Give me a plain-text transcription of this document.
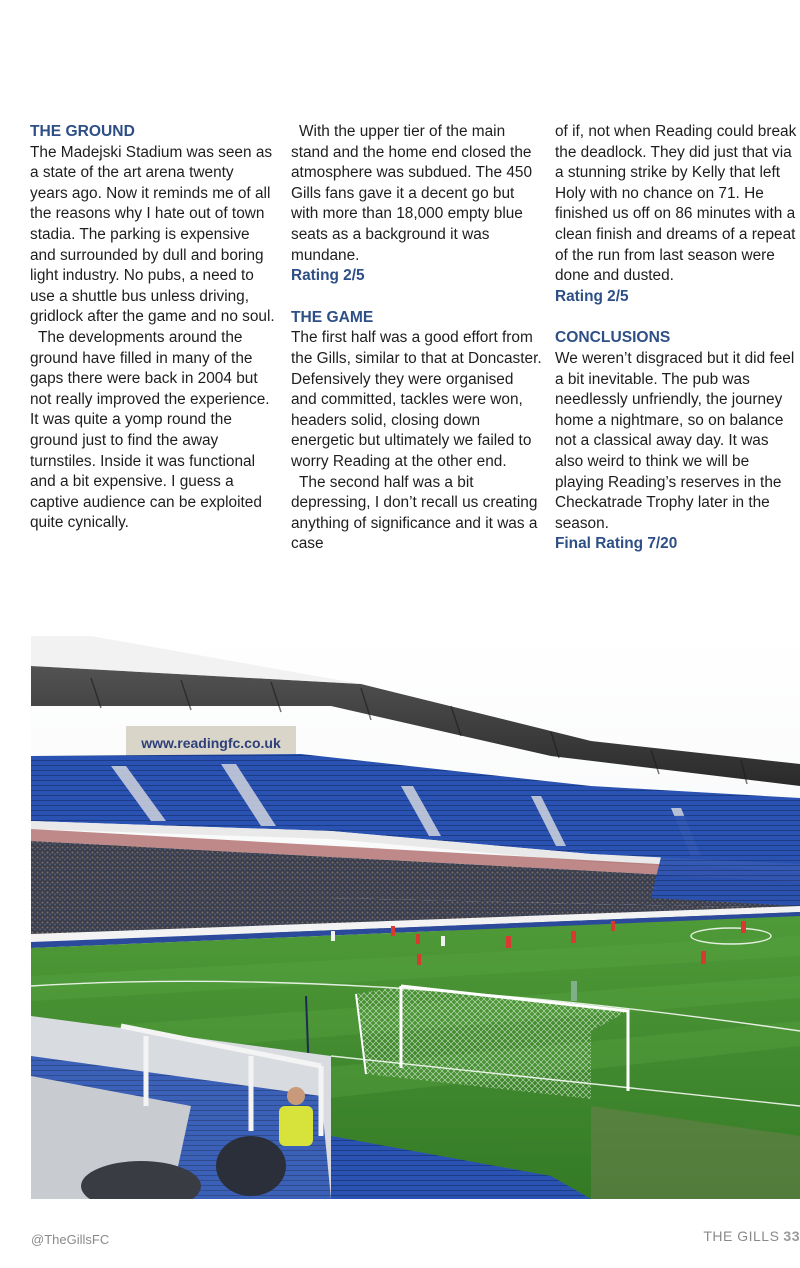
THE GROUND

The Madejski Stadium was seen as a state of the art arena twenty years ago. Now it reminds me of all the reasons why I hate out of town stadia. The parking is expensive and surrounded by dull and boring light industry. No pubs, a need to use a shuttle bus unless driving, gridlock after the game and no soul.

The developments around the ground have filled in many of the gaps there were back in 2004 but not really improved the experience. It was quite a yomp round the ground just to find the away turnstiles. Inside it was functional and a bit expensive. I guess a captive audience can be exploited quite cynically.

With the upper tier of the main stand and the home end closed the atmosphere was subdued. The 450 Gills fans gave it a decent go but with more than 18,000 empty blue seats as a background it was mundane.

Rating 2/5

THE GAME

The first half was a good effort from the Gills, similar to that at Doncaster. Defensively they were organised and committed, tackles were won, headers solid, closing down energetic but ultimately we failed to worry Reading at the other end.

The second half was a bit depressing, I don’t recall us creating anything of significance and it was a case

of if, not when Reading could break the deadlock. They did just that via a stunning strike by Kelly that left Holy with no chance on 71. He finished us off on 86 minutes with a clean finish and dreams of a repeat of the run from last season were done and dusted.

Rating 2/5

CONCLUSIONS

We weren’t disgraced but it did feel a bit inevitable. The pub was needlessly unfriendly, the journey home a nightmare, so on balance not a classical away day. It was also weird to think we will be playing Reading’s reserves in the Checkatrade Trophy later in the season.

Final Rating 7/20

www.readingfc.co.uk
@TheGillsFC	THE GILLS 33
